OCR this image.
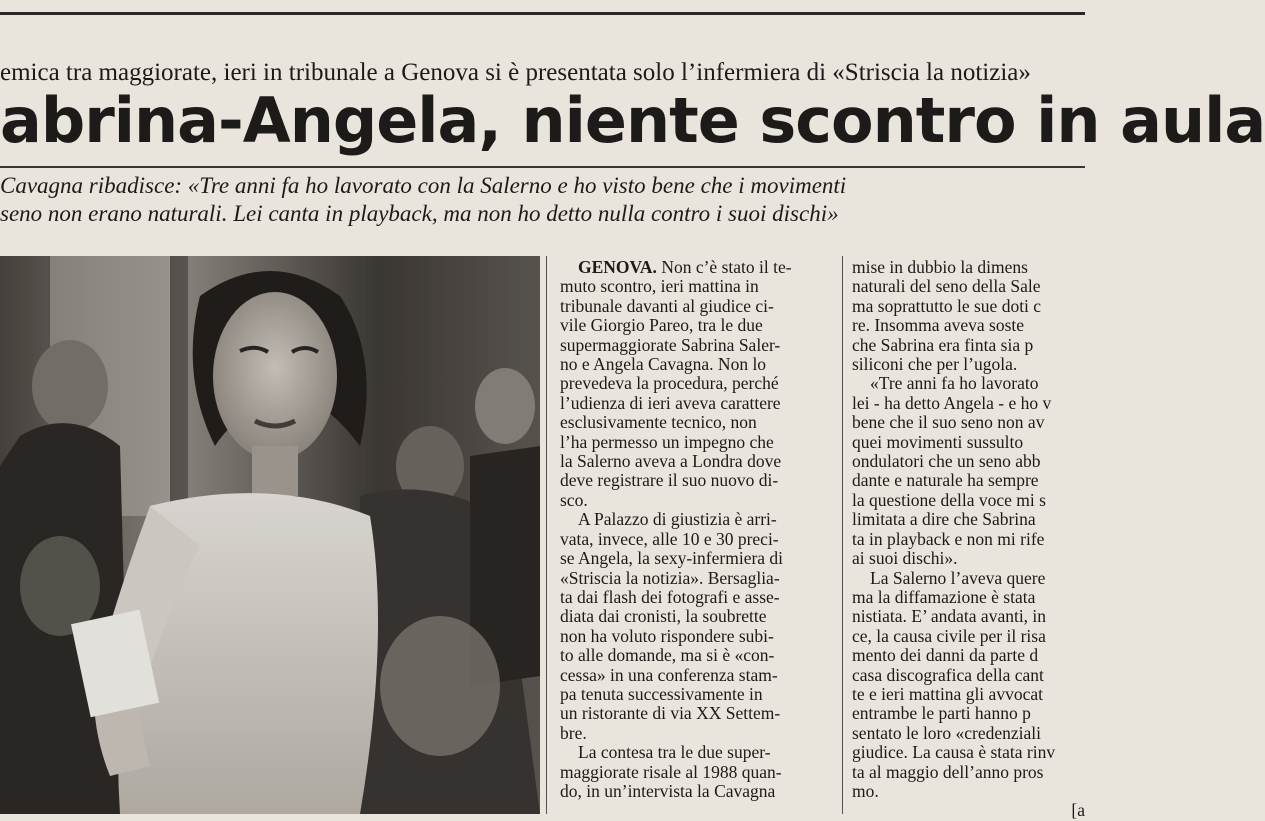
emica tra maggiorate, ieri in tribunale a Genova si è presentata solo l’infermiera di «Striscia la notizia»
abrina-Angela, niente scontro in aula
Cavagna ribadisce: «Tre anni fa ho lavorato con la Salerno e ho visto bene che i movimenti
seno non erano naturali. Lei canta in playback, ma non ho detto nulla contro i suoi dischi»
GENOVA. Non c’è stato il te-
muto scontro, ieri mattina in
tribunale davanti al giudice ci-
vile Giorgio Pareo, tra le due
supermaggiorate Sabrina Saler-
no e Angela Cavagna. Non lo
prevedeva la procedura, perché
l’udienza di ieri aveva carattere
esclusivamente tecnico, non
l’ha permesso un impegno che
la Salerno aveva a Londra dove
deve registrare il suo nuovo di-
sco.
A Palazzo di giustizia è arri-
vata, invece, alle 10 e 30 preci-
se Angela, la sexy-infermiera di
«Striscia la notizia». Bersaglia-
ta dai flash dei fotografi e asse-
diata dai cronisti, la soubrette
non ha voluto rispondere subi-
to alle domande, ma si è «con-
cessa» in una conferenza stam-
pa tenuta successivamente in
un ristorante di via XX Settem-
bre.
La contesa tra le due super-
maggiorate risale al 1988 quan-
do, in un’intervista la Cavagna
mise in dubbio la dimens
naturali del seno della Sale
ma soprattutto le sue doti c
re. Insomma aveva soste
che Sabrina era finta sia p
siliconi che per l’ugola.
«Tre anni fa ho lavorato
lei - ha detto Angela - e ho v
bene che il suo seno non av
quei movimenti sussulto
ondulatori che un seno abb
dante e naturale ha sempre
la questione della voce mi s
limitata a dire che Sabrina
ta in playback e non mi rife
ai suoi dischi».
La Salerno l’aveva quere
ma la diffamazione è stata
nistiata. E’ andata avanti, in
ce, la causa civile per il risa
mento dei danni da parte d
casa discografica della cant
te e ieri mattina gli avvocat
entrambe le parti hanno p
sentato le loro «credenziali
giudice. La causa è stata rinv
ta al maggio dell’anno pros
mo.
[a
